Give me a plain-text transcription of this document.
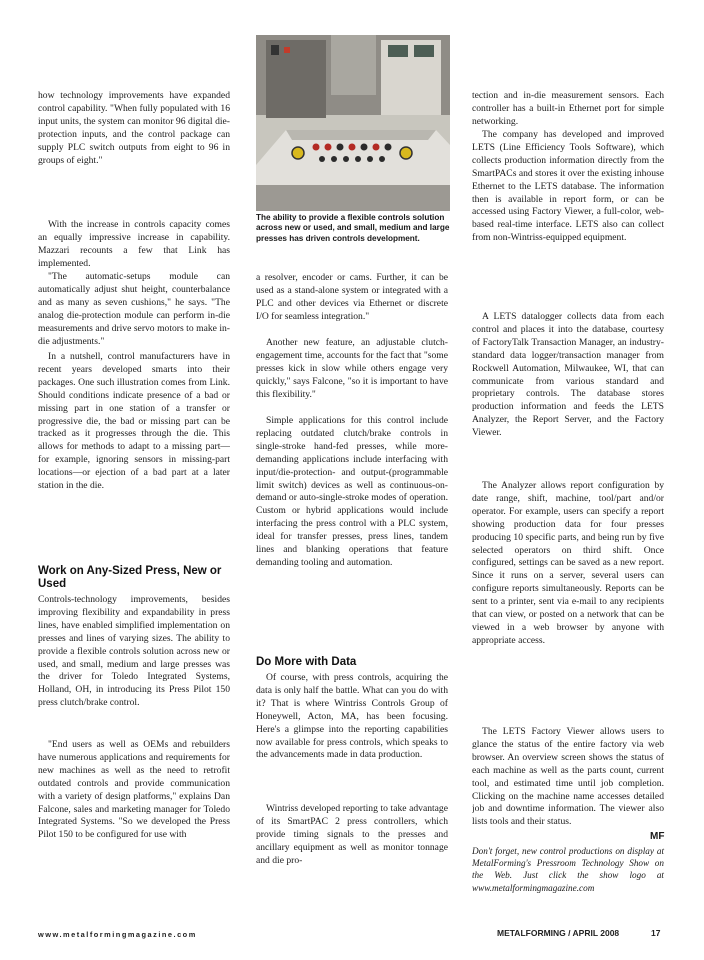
how technology improvements have expanded control capability. "When fully populated with 16 input units, the system can monitor 96 digital die-protection inputs, and the control package can supply PLC switch outputs from eight to 96 in groups of eight."

With the increase in controls capacity comes an equally impressive increase in capability. Mazzari recounts a few that Link has implemented.

"The automatic-setups module can automatically adjust shut height, counterbalance and as many as seven cushions," he says. "The analog die-protection module can perform in-die measurements and drive servo motors to make in-die adjustments."

In a nutshell, control manufacturers have in recent years developed smarts into their packages. One such illustration comes from Link. Should conditions indicate presence of a bad or missing part in one station of a transfer or progressive die, the bad or missing part can be tracked as it progresses through the die. This allows for methods to adapt to a missing part—for example, ignoring sensors in missing-part locations—or ejection of a bad part at a later station in the die.

Work on Any-Sized Press, New or Used

Controls-technology improvements, besides improving flexibility and expandability in press lines, have enabled simplified implementation on presses and lines of varying sizes. The ability to provide a flexible controls solution across new or used, and small, medium and large presses was the driver for Toledo Integrated Systems, Holland, OH, in introducing its Press Pilot 150 press clutch/brake control.

"End users as well as OEMs and rebuilders have numerous applications and requirements for new machines as well as the need to retrofit outdated controls and provide communication with a variety of design platforms," explains Dan Falcone, sales and marketing manager for Toledo Integrated Systems. "So we developed the Press Pilot 150 to be configured for use with

The ability to provide a flexible controls solution across new or used, and small, medium and large presses has driven controls development.

a resolver, encoder or cams. Further, it can be used as a stand-alone system or integrated with a PLC and other devices via Ethernet or discrete I/O for seamless integration."

Another new feature, an adjustable clutch-engagement time, accounts for the fact that "some presses kick in slow while others engage very quickly," says Falcone, "so it is important to have this flexibility."

Simple applications for this control include replacing outdated clutch/brake controls in single-stroke hand-fed presses, while more-demanding applications include interfacing with input/die-protection- and output-(programmable limit switch) devices as well as continuous-on-demand or auto-single-stroke modes of operation. Custom or hybrid applications would include interfacing the press control with a PLC system, ideal for transfer presses, press lines, tandem lines and blanking operations that feature demanding tooling and automation.

Do More with Data

Of course, with press controls, acquiring the data is only half the battle. What can you do with it? That is where Wintriss Controls Group of Honeywell, Acton, MA, has been focusing. Here's a glimpse into the reporting capabilities now available for press controls, which speaks to the advancements made in data production.

Wintriss developed reporting to take advantage of its SmartPAC 2 press controllers, which provide timing signals to the presses and ancillary equipment as well as monitor tonnage and die pro-

tection and in-die measurement sensors. Each controller has a built-in Ethernet port for simple networking.

The company has developed and improved LETS (Line Efficiency Tools Software), which collects production information directly from the SmartPACs and stores it over the existing inhouse Ethernet to the LETS database. The information then is available in report form, or can be accessed using Factory Viewer, a full-color, web-based real-time interface. LETS also can collect from non-Wintriss-equipped equipment.

A LETS datalogger collects data from each control and places it into the database, courtesy of FactoryTalk Transaction Manager, an industry-standard data logger/transaction manager from Rockwell Automation, Milwaukee, WI, that can communicate from various standard and proprietary controls. The database stores production information and feeds the LETS Analyzer, the Report Server, and the Factory Viewer.

The Analyzer allows report configuration by date range, shift, machine, tool/part and/or operator. For example, users can specify a report showing production data for four presses producing 10 specific parts, and being run by five selected operators on third shift. Once configured, settings can be saved as a new report. Since it runs on a server, several users can configure reports simultaneously. Reports can be sent to a printer, sent via e-mail to any recipients that can view, or posted on a network that can be viewed in a web browser by anyone with appropriate access.

The LETS Factory Viewer allows users to glance the status of the entire factory via web browser. An overview screen shows the status of each machine as well as the parts count, current tool, and estimated time until job completion. Clicking on the machine name accesses detailed job and downtime information. The viewer also lists tools and their status.

MF

Don't forget, new control productions on display at MetalForming's Pressroom Technology Show on the Web. Just click the show logo at www.metalformingmagazine.com

www.metalformingmagazine.com	METALFORMING / APRIL 2008	17
